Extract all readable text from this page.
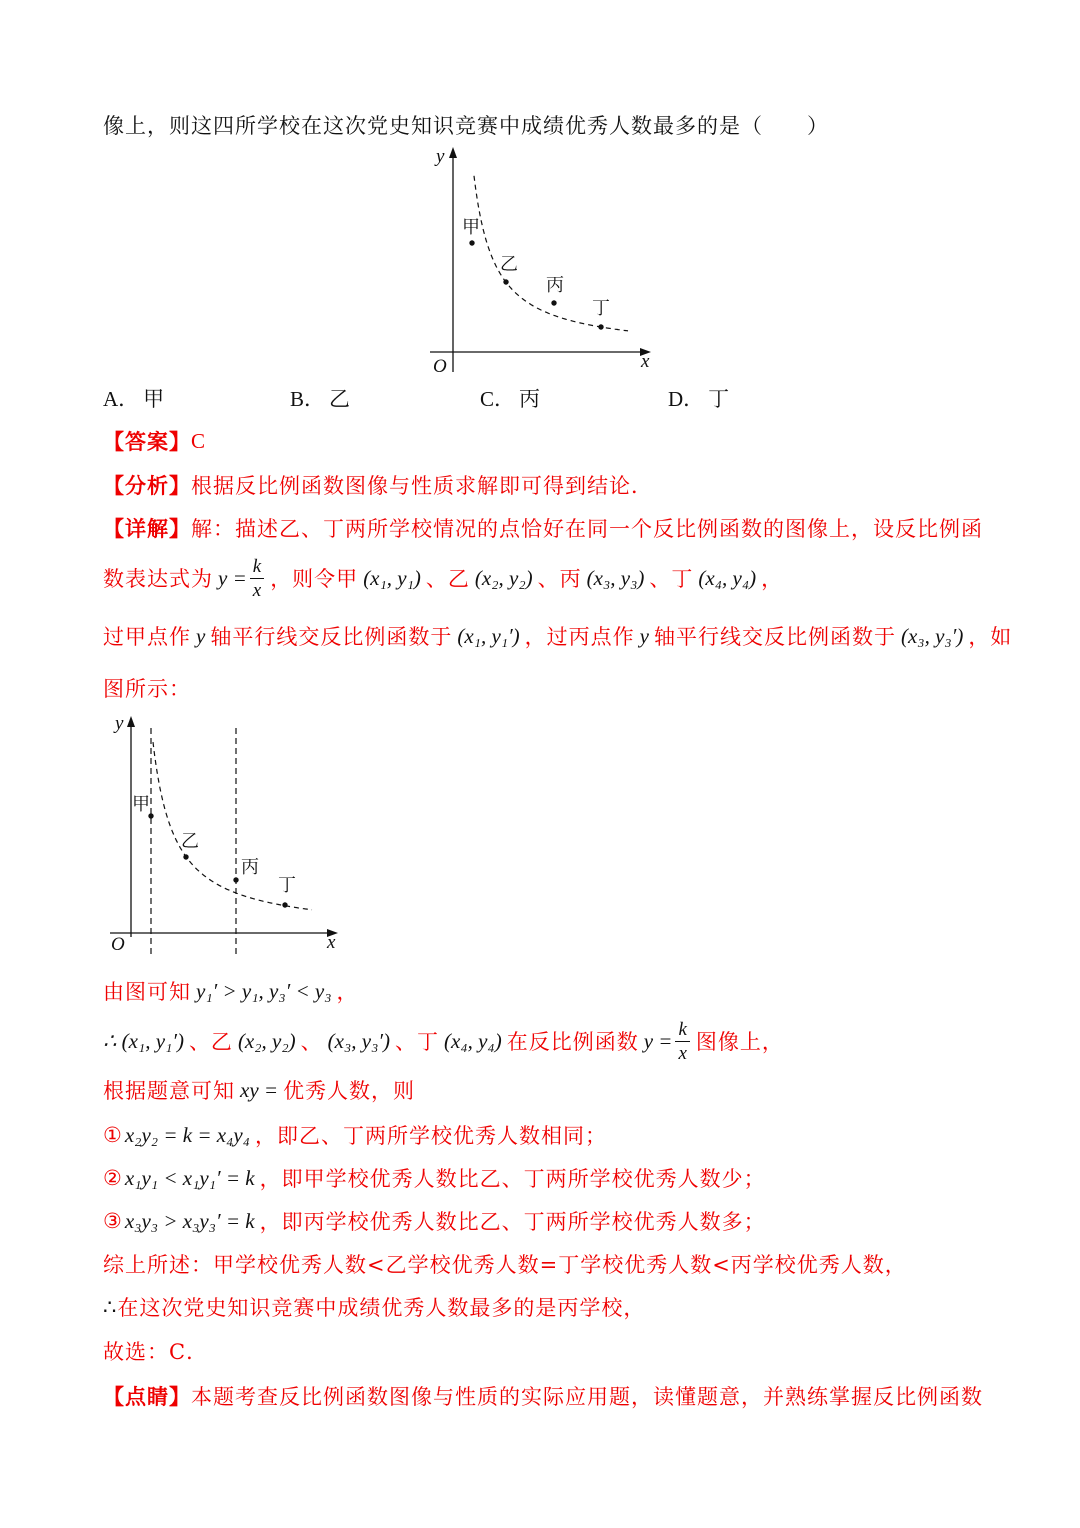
像上，则这四所学校在这次党史知识竞赛中成绩优秀人数最多的是（　　）
y
O	x
甲
乙
丙
丁
A． 甲	B． 乙	C． 丙	D． 丁
【答案】 C
【分析】 根据反比例函数图像与性质求解即可得到结论．
【详解】 解：描述乙、丁两所学校情况的点恰好在同一个反比例函数的图像上，设反比例函
数表达式为 $y = \frac{k}{x}$ ，则令甲 (x₁, y₁) 、乙 (x₂, y₂) 、丙 (x₃, y₃) 、丁 (x₄, y₄) ，
过甲点作 y 轴平行线交反比例函数于 (x₁, y₁′) ，过丙点作 y 轴平行线交反比例函数于 (x₃, y₃′) ，如
图所示：
y
O	x
甲
乙
丙
丁
由图可知 y₁′ > y₁, y₃′ < y₃ ，
∴ (x₁, y₁′) 、乙 (x₂, y₂) 、 (x₃, y₃′) 、丁 (x₄, y₄) 在反比例函数 $y = \frac{k}{x}$ 图像上，
根据题意可知 xy = 优秀人数，则
① x₂y₂ = k = x₄y₄ ，即乙、丁两所学校优秀人数相同；
② x₁y₁ < x₁y₁′ = k ，即甲学校优秀人数比乙、丁两所学校优秀人数少；
③ x₃y₃ > x₃y₃′ = k ，即丙学校优秀人数比乙、丁两所学校优秀人数多；
综上所述：甲学校优秀人数<乙学校优秀人数=丁学校优秀人数<丙学校优秀人数，
∴ 在这次党史知识竞赛中成绩优秀人数最多的是丙学校，
故选：C．
【点睛】 本题考查反比例函数图像与性质的实际应用题，读懂题意，并熟练掌握反比例函数
